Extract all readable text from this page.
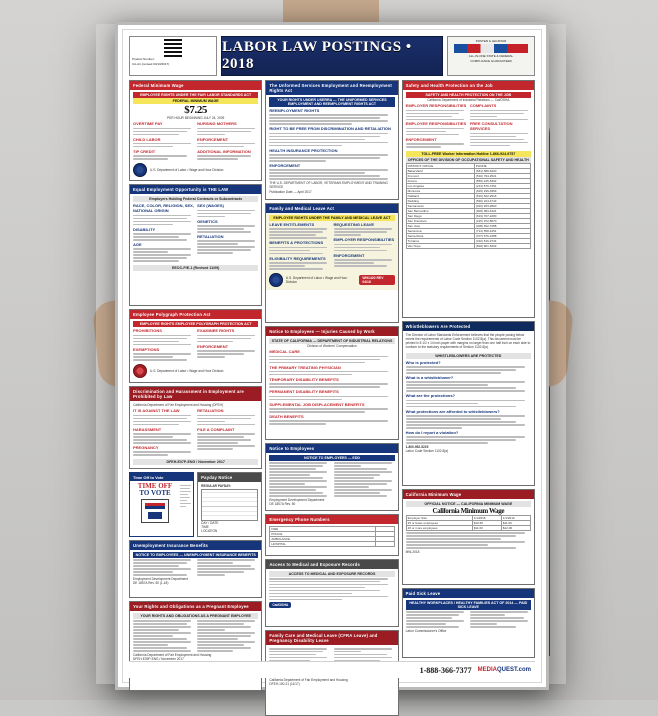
Product Number:
CA-A1 (revised 04/13/2017)
LABOR LAW POSTINGS • 2018
POSTER & LEGISTAR
ALL-IN-ONE STATE & FEDERAL
COMPLIANCE GUARANTEED
Federal Minimum Wage
EMPLOYEE RIGHTS UNDER THE FAIR LABOR STANDARDS ACT
FEDERAL MINIMUM WAGE
$7.25
PER HOUR BEGINNING JULY 24, 2009
OVERTIME PAY
CHILD LABOR
TIP CREDIT
NURSING MOTHERS
ENFORCEMENT
ADDITIONAL INFORMATION
U.S. Department of Labor • Wage and Hour Division
Equal Employment Opportunity is THE LAW
Employers Holding Federal Contracts or Subcontracts
RACE, COLOR, RELIGION, SEX, NATIONAL ORIGIN
DISABILITY
AGE
SEX (WAGES)
GENETICS
RETALIATION
EEOC-P/E-1 (Revised 11/09)
Employee Polygraph Protection Act
EMPLOYEE RIGHTS EMPLOYEE POLYGRAPH PROTECTION ACT
PROHIBITIONS
EXEMPTIONS
EXAMINEE RIGHTS
ENFORCEMENT
U.S. Department of Labor • Wage and Hour Division
Discrimination and Harassment in Employment are Prohibited by Law
California Department of Fair Employment and Housing (DFEH)
IT IS AGAINST THE LAW
HARASSMENT
PREGNANCY
RETALIATION
FILE A COMPLAINT
DFEH-E07P-ENG / November 2017
Time Off to Vote
TIME OFF
TO VOTE
Payday Notice
REGULAR PAYDAY:
DAY / DATE
TIME
LOCATION
Unemployment Insurance Benefits
NOTICE TO EMPLOYEES — UNEMPLOYMENT INSURANCE BENEFITS
Employment Development Department
DE 1857A Rev. 50 (1-18)
Your Rights and Obligations as a Pregnant Employee
YOUR RIGHTS AND OBLIGATIONS AS A PREGNANT EMPLOYEE
California Department of Fair Employment and Housing
DFEH-E09P-ENG / November 2017
The Unformed Services Employment and Reemployment Rights Act
YOUR RIGHTS UNDER USERRA — THE UNIFORMED SERVICES EMPLOYMENT AND REEMPLOYMENT RIGHTS ACT
REEMPLOYMENT RIGHTS
RIGHT TO BE FREE FROM DISCRIMINATION AND RETALIATION
HEALTH INSURANCE PROTECTION
ENFORCEMENT
THE U.S. DEPARTMENT OF LABOR, VETERANS EMPLOYMENT AND TRAINING SERVICE
Publication Date — April 2017
Family and Medical Leave Act
EMPLOYEE RIGHTS UNDER THE FAMILY AND MEDICAL LEAVE ACT
LEAVE ENTITLEMENTS
BENEFITS & PROTECTIONS
ELIGIBILITY REQUIREMENTS
REQUESTING LEAVE
EMPLOYER RESPONSIBILITIES
ENFORCEMENT
U.S. Department of Labor • Wage and Hour Division
WH1420 REV 04/16
Notice to Employees — Injuries Caused by Work
STATE OF CALIFORNIA — DEPARTMENT OF INDUSTRIAL RELATIONS
Division of Workers' Compensation
MEDICAL CARE
THE PRIMARY TREATING PHYSICIAN
TEMPORARY DISABILITY BENEFITS
PERMANENT DISABILITY BENEFITS
SUPPLEMENTAL JOB DISPLACEMENT BENEFITS
DEATH BENEFITS
Notice to Employees
NOTICE TO EMPLOYEES — EDD
Employment Development Department
DE 1857A Rev. 50
Emergency Phone Numbers
FIRE	
POLICE	
AMBULANCE	
HOSPITAL	
Access to Medical and Exposure Records
ACCESS TO MEDICAL AND EXPOSURE RECORDS
Cal/OSHA
Family Care and Medical Leave (CFRA Leave) and Pregnancy Disability Leave
California Department of Fair Employment and Housing
DFEH-100-21 (11/17)
Safety and Health Protection on the Job
SAFETY AND HEALTH PROTECTION ON THE JOB
California Department of Industrial Relations — Cal/OSHA
EMPLOYER RESPONSIBILITIES
EMPLOYEE RESPONSIBILITIES
ENFORCEMENT
COMPLAINTS
FREE CONSULTATION SERVICES
TOLL-FREE Worker Information Hotline 1-866-924-9757
OFFICES OF THE DIVISION OF OCCUPATIONAL SAFETY AND HEALTH
DISTRICT OFFICE	PHONE
Bakersfield	(661) 588-6400
Fremont	(510) 794-2521
Fresno	(559) 445-5302
Los Angeles	(213) 576-7451
Monrovia	(626) 239-0369
Oakland	(510) 622-2916
Redding	(530) 224-4743
Sacramento	(916) 263-2800
San Bernardino	(909) 383-4321
San Diego	(619) 767-2280
San Francisco	(415) 972-8670
San Jose	(408) 452-7288
Santa Ana	(714) 558-4451
Santa Rosa	(707) 576-2388
Torrance	(310) 516-3734
Van Nuys	(818) 901-5403
Whistleblowers Are Protected
The Director of Labor Standards Enforcement believes that the people posing below meets the requirements of Labor Code Section 1102.8(a). This document must be printed in 8 1/2 x 14 inch paper with margins no larger than one half inch on each side to conform to the statutory requirements of Section 1102.8(a).
WHISTLEBLOWERS ARE PROTECTED
Who is protected?
What is a whistleblower?
What are the protections?
What protections are afforded to whistleblowers?
How do I report a violation?
1-800-952-5225
Labor Code Section 1102.8(a)
California Minimum Wage
OFFICIAL NOTICE — CALIFORNIA MINIMUM WAGE
California Minimum Wage
Employer Size	1/1/2018	1/1/2019
25 or fewer employees	$10.50	$11.00
26 or more employees	$11.00	$12.00
MW-2018
Paid Sick Leave
HEALTHY WORKPLACES / HEALTHY FAMILIES ACT OF 2014 — PAID SICK LEAVE
Labor Commissioner's Office
1-888-366-7377 MEDIAQUEST.com
